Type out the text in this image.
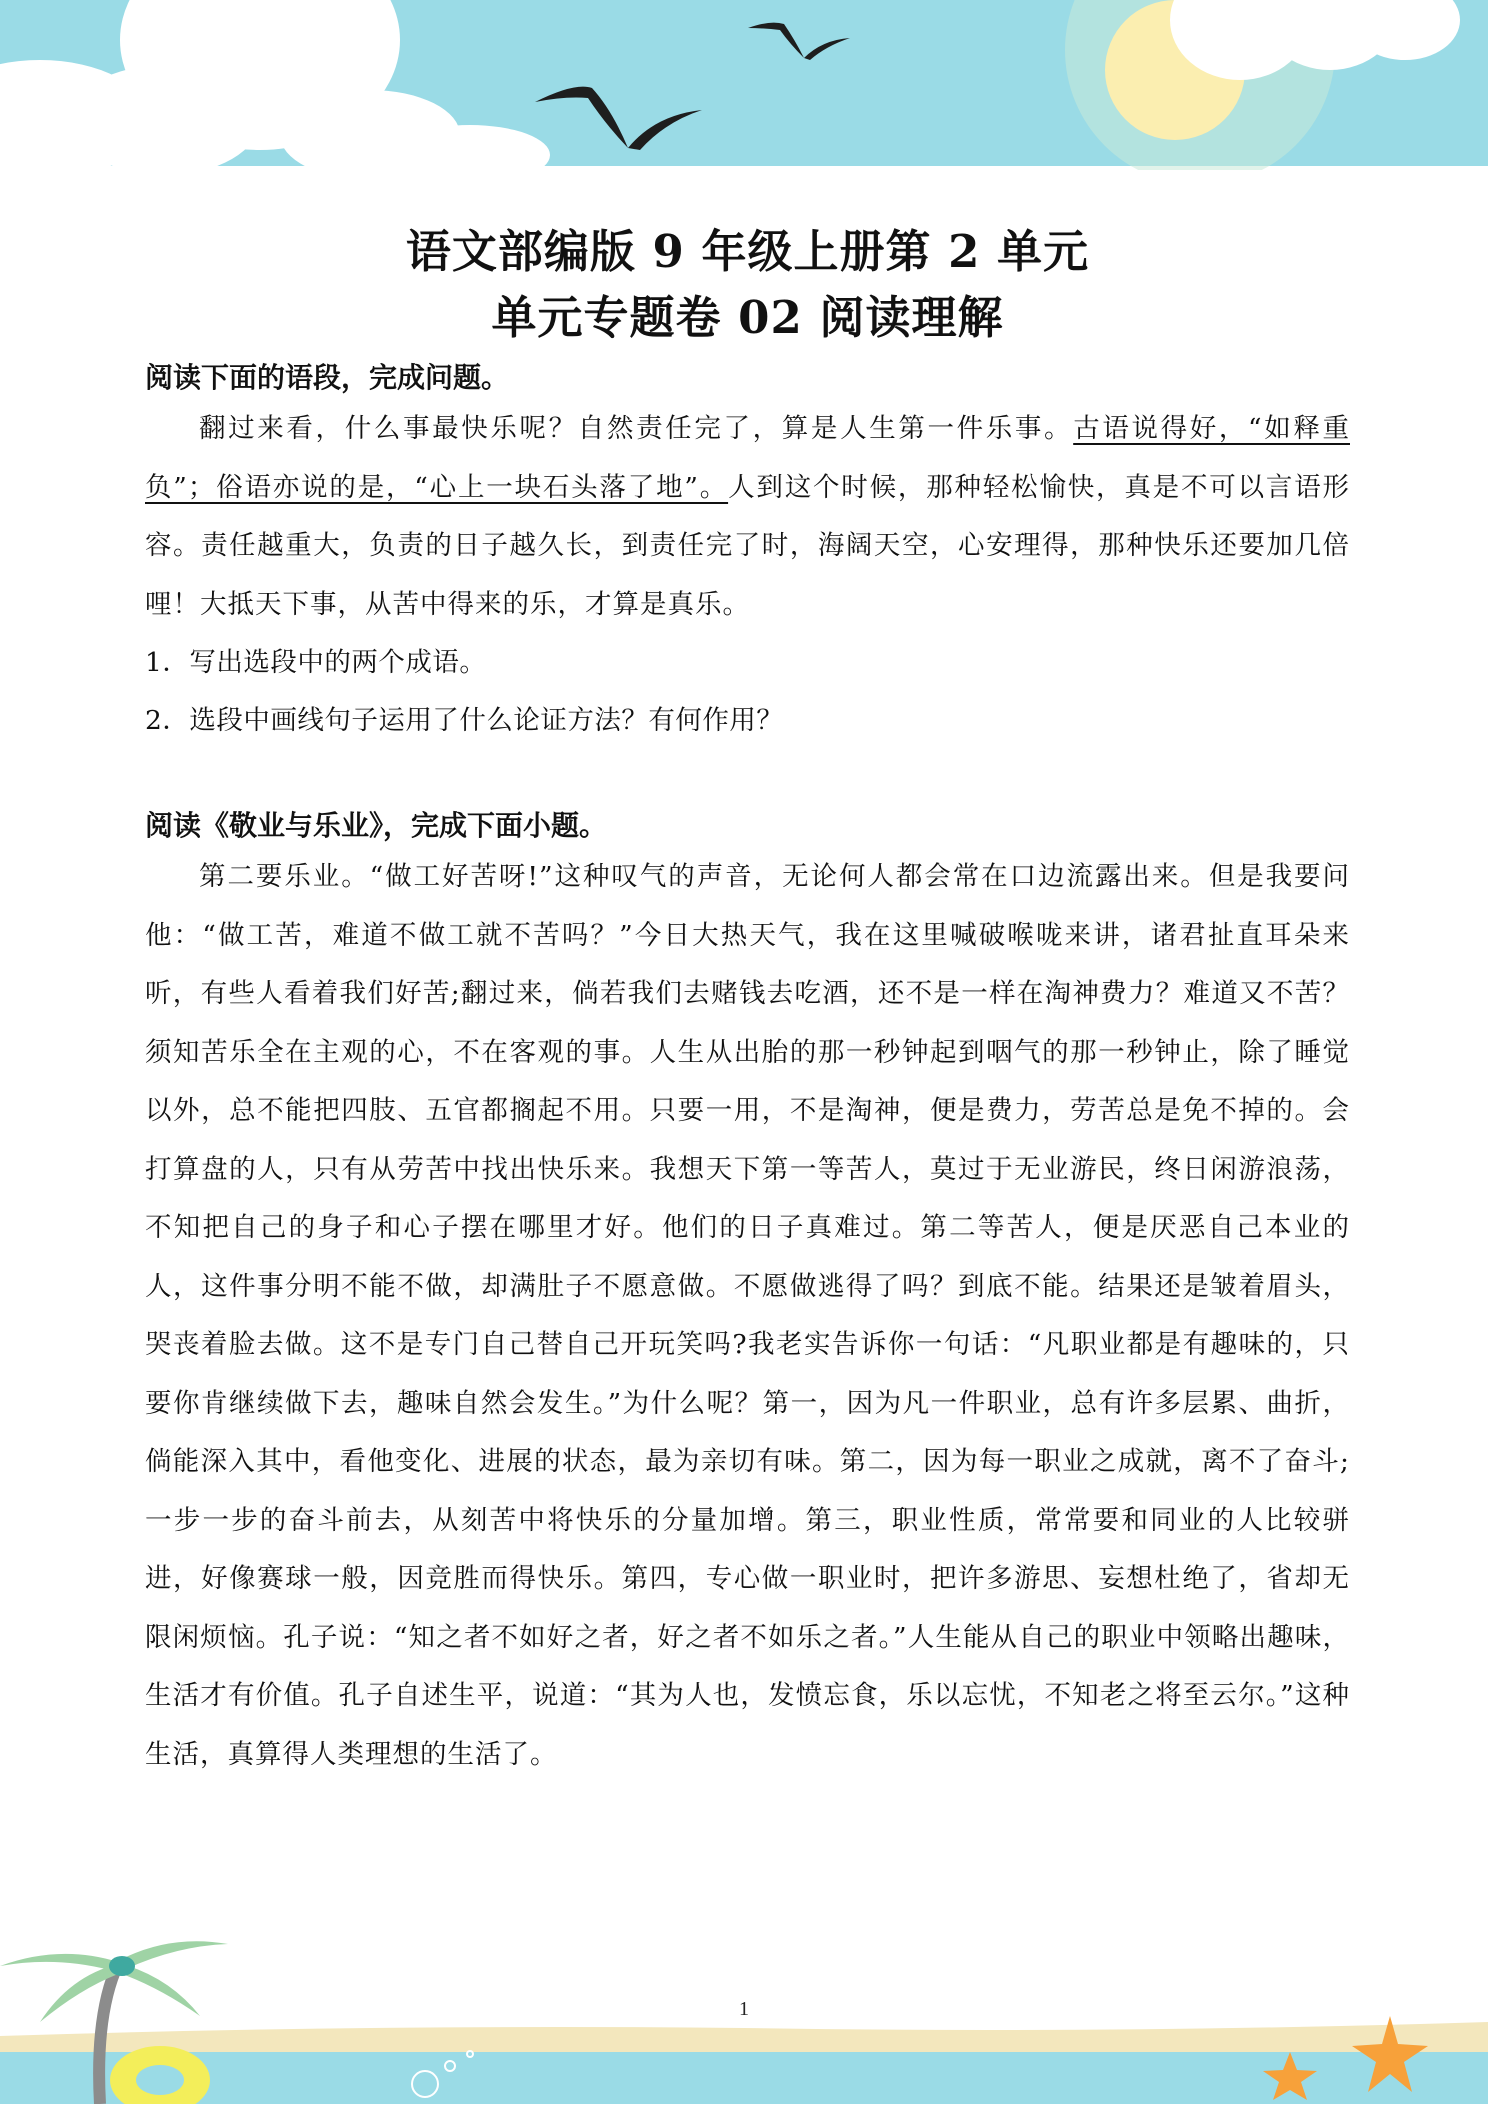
语文部编版 9 年级上册第 2 单元
单元专题卷 02 阅读理解

阅读下面的语段，完成问题。

翻过来看，什么事最快乐呢？自然责任完了，算是人生第一件乐事。古语说得好，“如释重负”；俗语亦说的是，“心上一块石头落了地”。人到这个时候，那种轻松愉快，真是不可以言语形容。责任越重大，负责的日子越久长，到责任完了时，海阔天空，心安理得，那种快乐还要加几倍哩！大抵天下事，从苦中得来的乐，才算是真乐。

1．写出选段中的两个成语。

2．选段中画线句子运用了什么论证方法？有何作用？

阅读《敬业与乐业》，完成下面小题。

第二要乐业。“做工好苦呀!”这种叹气的声音，无论何人都会常在口边流露出来。但是我要问他：“做工苦，难道不做工就不苦吗？”今日大热天气，我在这里喊破喉咙来讲，诸君扯直耳朵来听，有些人看着我们好苦;翻过来，倘若我们去赌钱去吃酒，还不是一样在淘神费力？难道又不苦？须知苦乐全在主观的心，不在客观的事。人生从出胎的那一秒钟起到咽气的那一秒钟止，除了睡觉以外，总不能把四肢、五官都搁起不用。只要一用，不是淘神，便是费力，劳苦总是免不掉的。会打算盘的人，只有从劳苦中找出快乐来。我想天下第一等苦人，莫过于无业游民，终日闲游浪荡，不知把自己的身子和心子摆在哪里才好。他们的日子真难过。第二等苦人，便是厌恶自己本业的人，这件事分明不能不做，却满肚子不愿意做。不愿做逃得了吗？到底不能。结果还是皱着眉头，哭丧着脸去做。这不是专门自己替自己开玩笑吗?我老实告诉你一句话：“凡职业都是有趣味的，只要你肯继续做下去，趣味自然会发生。”为什么呢？第一，因为凡一件职业，总有许多层累、曲折，倘能深入其中，看他变化、进展的状态，最为亲切有味。第二，因为每一职业之成就，离不了奋斗;一步一步的奋斗前去，从刻苦中将快乐的分量加增。第三，职业性质，常常要和同业的人比较骈进，好像赛球一般，因竞胜而得快乐。第四，专心做一职业时，把许多游思、妄想杜绝了，省却无限闲烦恼。孔子说：“知之者不如好之者，好之者不如乐之者。”人生能从自己的职业中领略出趣味，生活才有价值。孔子自述生平，说道：“其为人也，发愤忘食，乐以忘忧，不知老之将至云尔。”这种生活，真算得人类理想的生活了。

1
